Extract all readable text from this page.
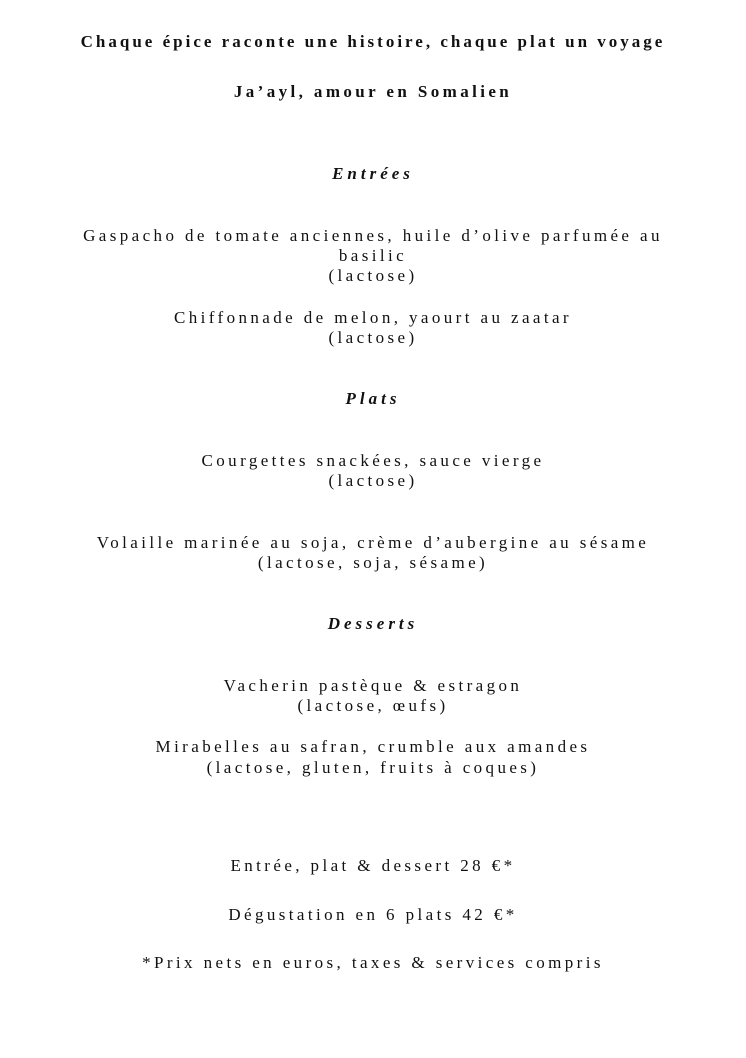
Chaque épice raconte une histoire, chaque plat un voyage
Ja’ayl, amour en Somalien
Entrées
Gaspacho de tomate anciennes, huile d’olive parfumée au
basilic
(lactose)
Chiffonnade de melon, yaourt au zaatar
(lactose)
Plats
Courgettes snackées, sauce vierge
(lactose)
Volaille marinée au soja, crème d’aubergine au sésame
(lactose, soja, sésame)
Desserts
Vacherin pastèque & estragon
(lactose, œufs)
Mirabelles au safran, crumble aux amandes
(lactose, gluten, fruits à coques)
Entrée, plat & dessert 28 €*
Dégustation en 6 plats 42 €*
*Prix nets en euros, taxes & services compris
